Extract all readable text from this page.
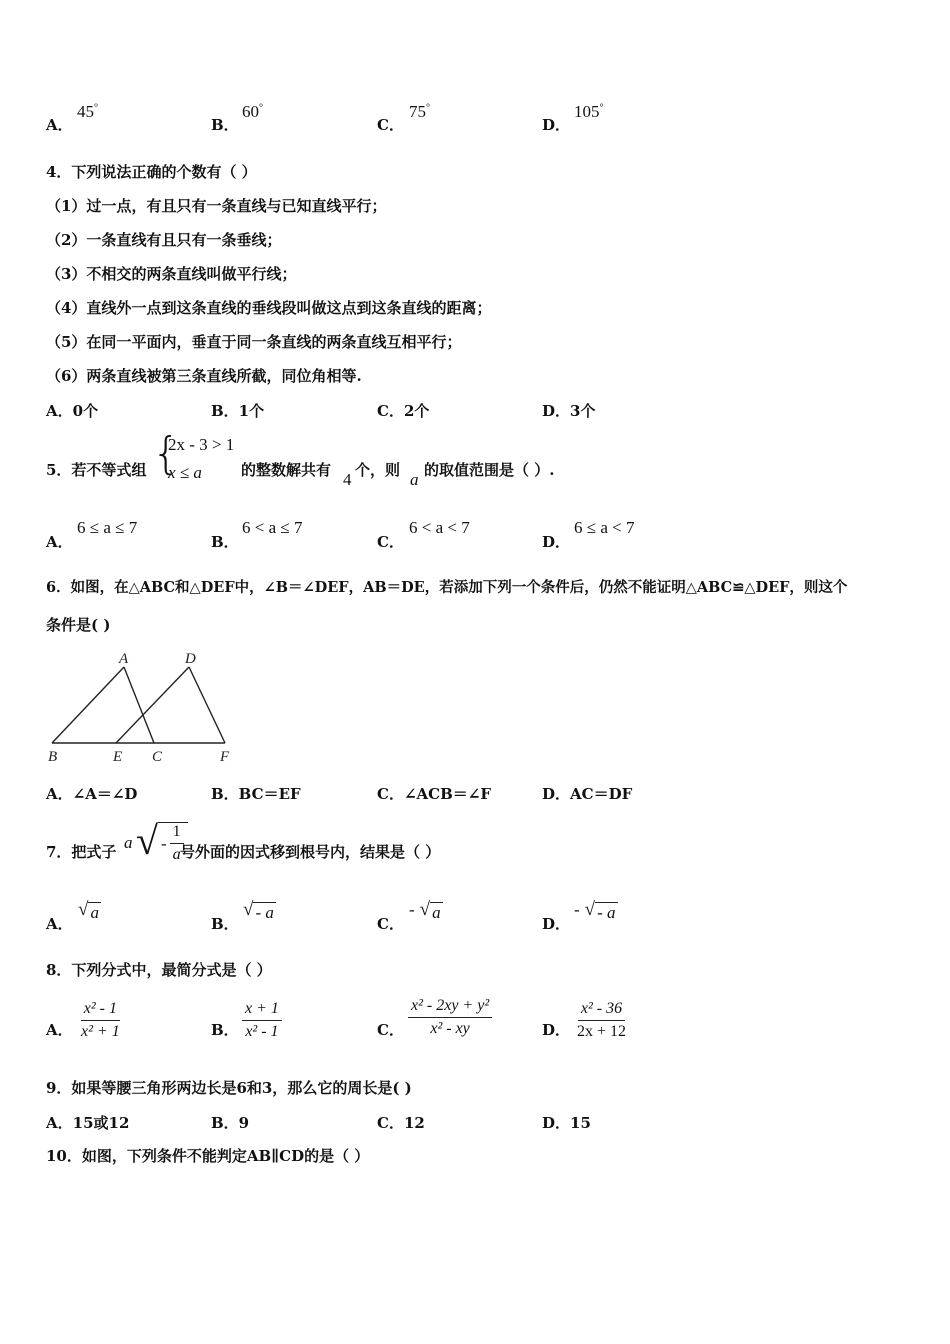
A．
45°
B．
60°
C．
75°
D．
105°
4．下列说法正确的个数有（ ）
（1）过一点，有且只有一条直线与已知直线平行；
（2）一条直线有且只有一条垂线；
（3）不相交的两条直线叫做平行线；
（4）直线外一点到这条直线的垂线段叫做这点到这条直线的距离；
（5）在同一平面内，垂直于同一条直线的两条直线互相平行；
（6）两条直线被第三条直线所截，同位角相等.
A．0个	B．1个	C．2个	D．3个
5．若不等式组 {
2x - 3 > 1
x ≤ a	的整数解共有 4 个，则 a 的取值范围是（ ）.
A．
6 ≤ a ≤ 7
B．
6 < a ≤ 7
C．
6 < a < 7
D．
6 ≤ a < 7
6．如图，在△ABC和△DEF中，∠B＝∠DEF，AB＝DE，若添加下列一个条件后，仍然不能证明△ABC≌△DEF，则这个
条件是( )
A	D
B	E C	F
A．∠A＝∠D	B．BC＝EF	C．∠ACB＝∠F	D．AC＝DF
7．把式子 a √ - $\frac{1}{a}$
号外面的因式移到根号内，结果是（ ）
A．
√ a
B．
√ - a
C．
- √ a
D．
- √ - a
8．下列分式中，最简分式是（ ）
A． $\frac{\text{x² - 1}}{\text{x² + 1}}$	B． $\frac{x + 1}{\text{x² - 1}}$	C． $\frac{\text{x² - 2xy + y²}}{\text{x² - xy}}$	D． $\frac{\text{x² - 36}}{2x + 12}$
9．如果等腰三角形两边长是6和3，那么它的周长是( )
A．15或12	B．9	C．12	D．15
10．如图，下列条件不能判定AB∥CD的是（ ）
